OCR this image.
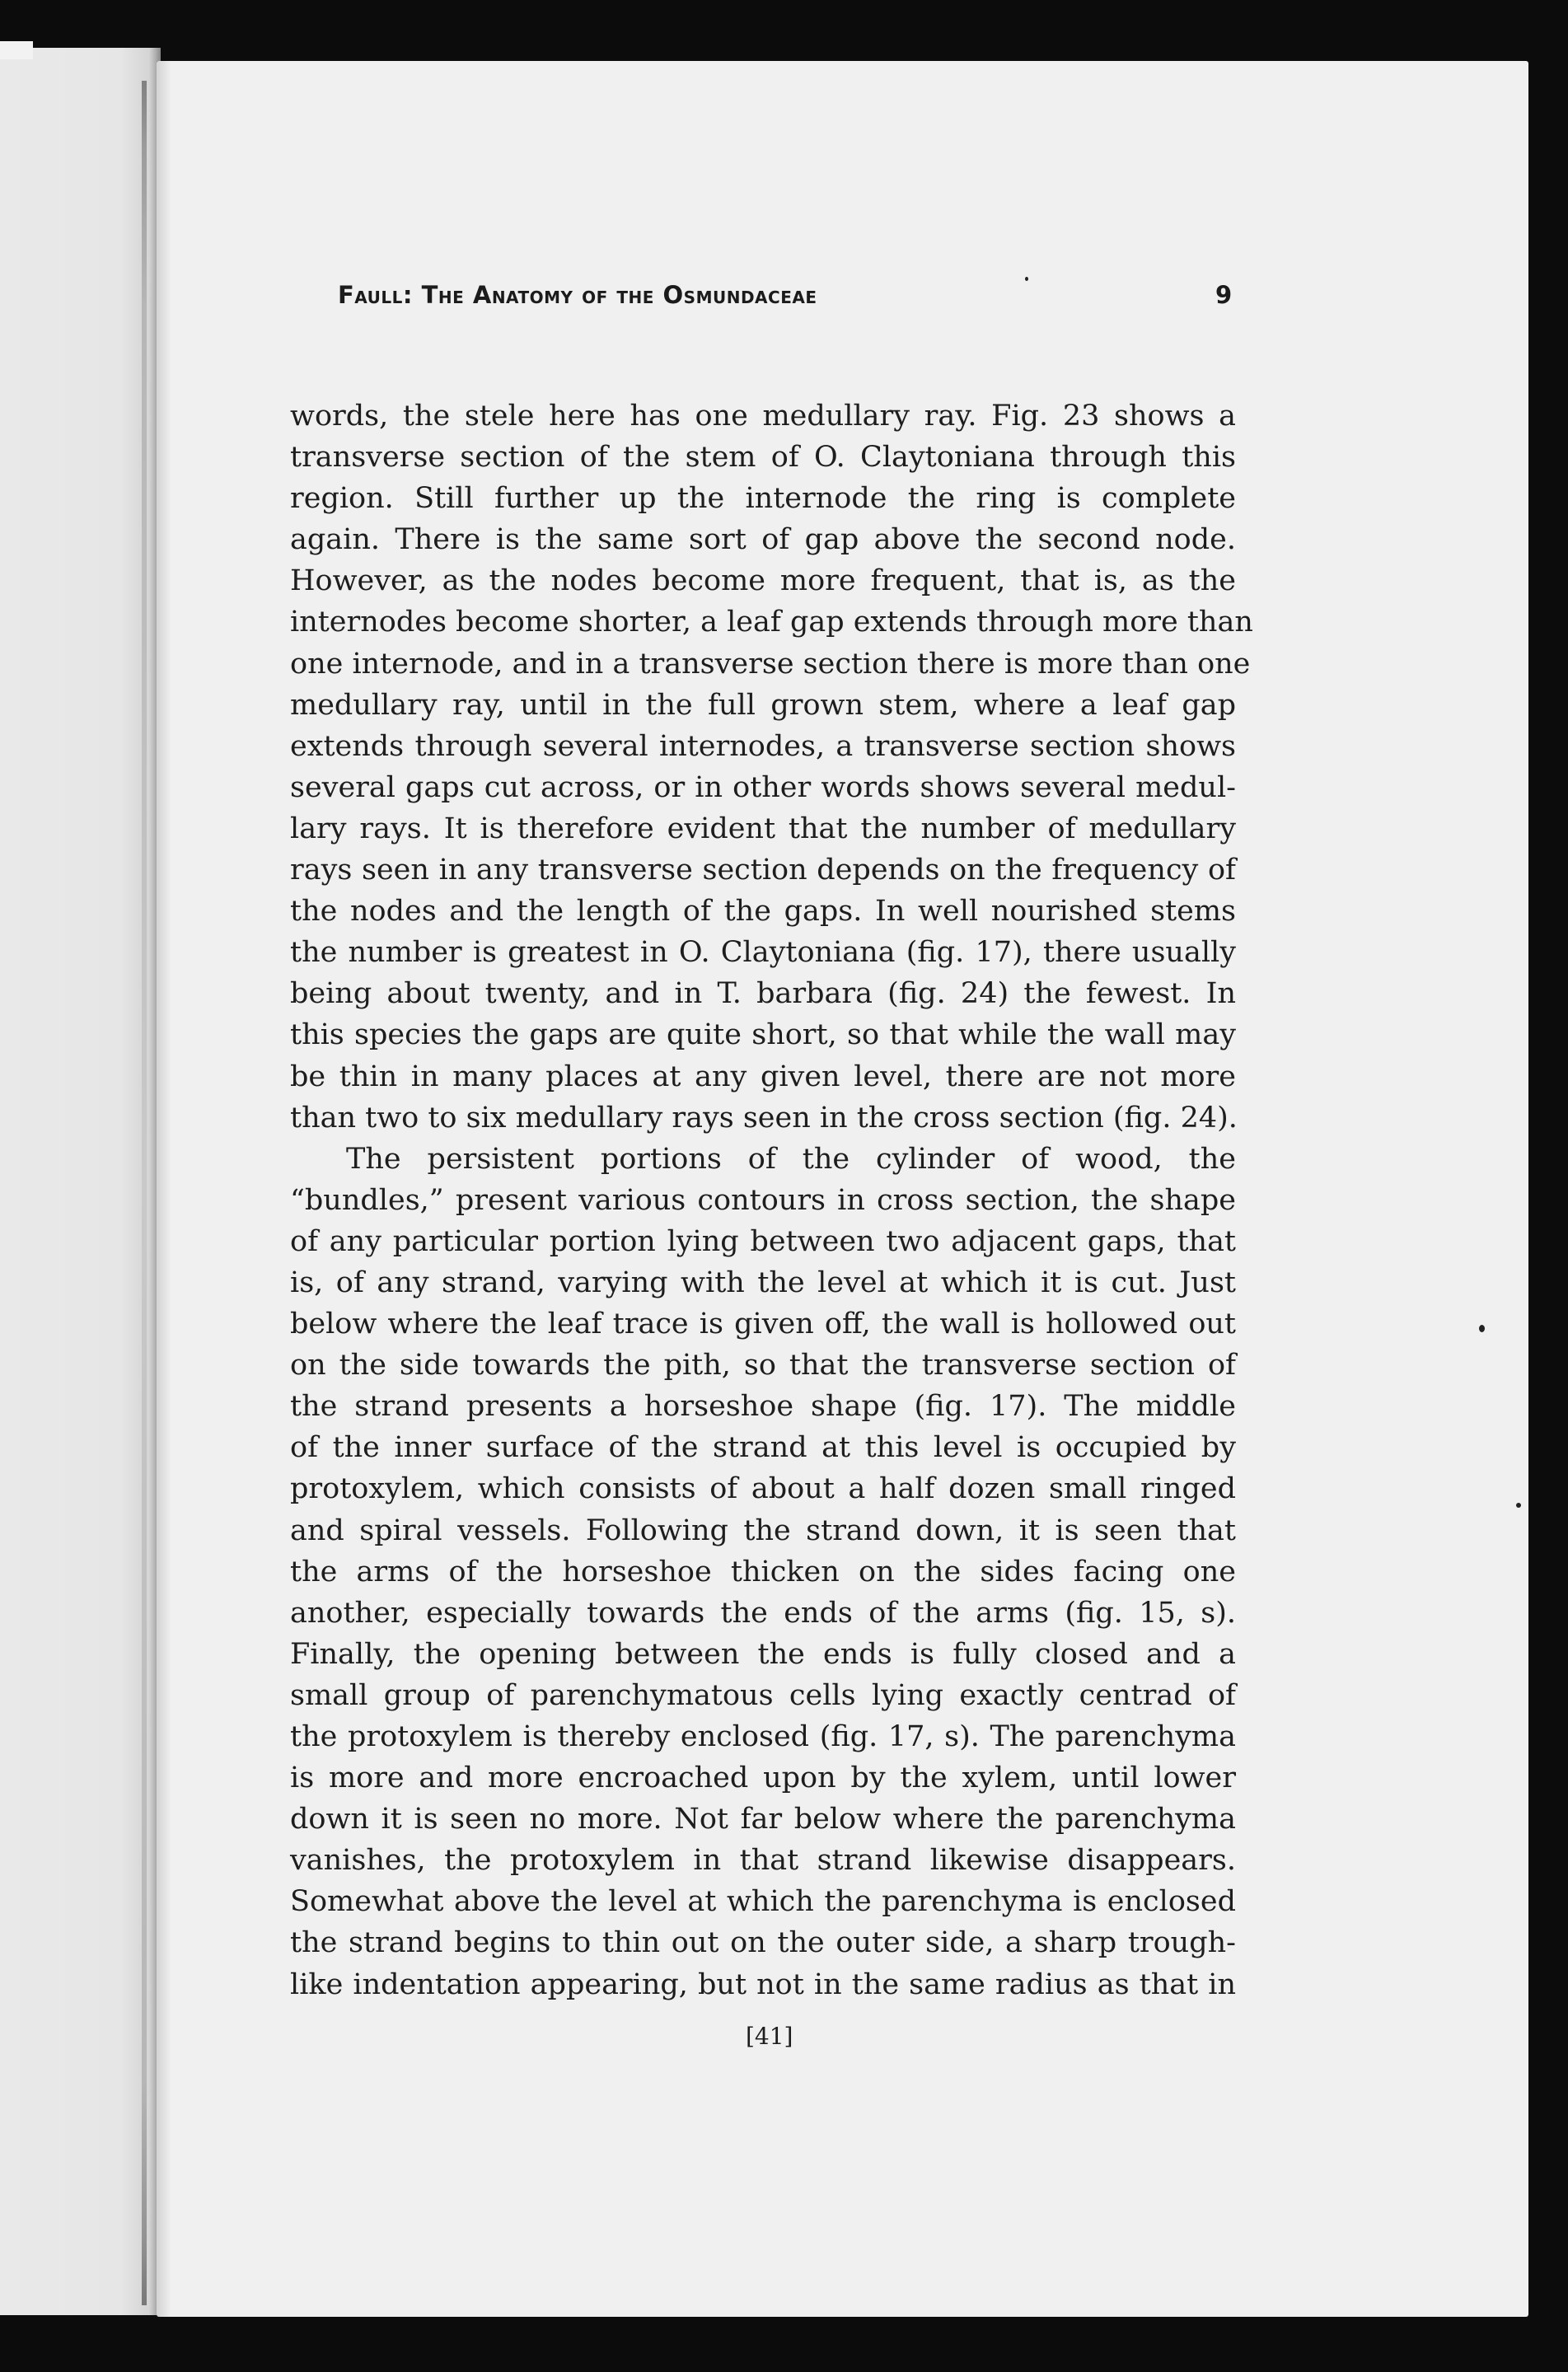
Faull: The Anatomy of the Osmundaceae	9
words, the stele here has one medullary ray. Fig. 23 shows a
transverse section of the stem of O. Claytoniana through this
region. Still further up the internode the ring is complete
again. There is the same sort of gap above the second node.
However, as the nodes become more frequent, that is, as the
internodes become shorter, a leaf gap extends through more than
one internode, and in a transverse section there is more than one
medullary ray, until in the full grown stem, where a leaf gap
extends through several internodes, a transverse section shows
several gaps cut across, or in other words shows several medul-
lary rays. It is therefore evident that the number of medullary
rays seen in any transverse section depends on the frequency of
the nodes and the length of the gaps. In well nourished stems
the number is greatest in O. Claytoniana (fig. 17), there usually
being about twenty, and in T. barbara (fig. 24) the fewest. In
this species the gaps are quite short, so that while the wall may
be thin in many places at any given level, there are not more
than two to six medullary rays seen in the cross section (fig. 24).
The persistent portions of the cylinder of wood, the
“bundles,” present various contours in cross section, the shape
of any particular portion lying between two adjacent gaps, that
is, of any strand, varying with the level at which it is cut. Just
below where the leaf trace is given off, the wall is hollowed out
on the side towards the pith, so that the transverse section of
the strand presents a horseshoe shape (fig. 17). The middle
of the inner surface of the strand at this level is occupied by
protoxylem, which consists of about a half dozen small ringed
and spiral vessels. Following the strand down, it is seen that
the arms of the horseshoe thicken on the sides facing one
another, especially towards the ends of the arms (fig. 15, s).
Finally, the opening between the ends is fully closed and a
small group of parenchymatous cells lying exactly centrad of
the protoxylem is thereby enclosed (fig. 17, s). The parenchyma
is more and more encroached upon by the xylem, until lower
down it is seen no more. Not far below where the parenchyma
vanishes, the protoxylem in that strand likewise disappears.
Somewhat above the level at which the parenchyma is enclosed
the strand begins to thin out on the outer side, a sharp trough-
like indentation appearing, but not in the same radius as that in
[41]
